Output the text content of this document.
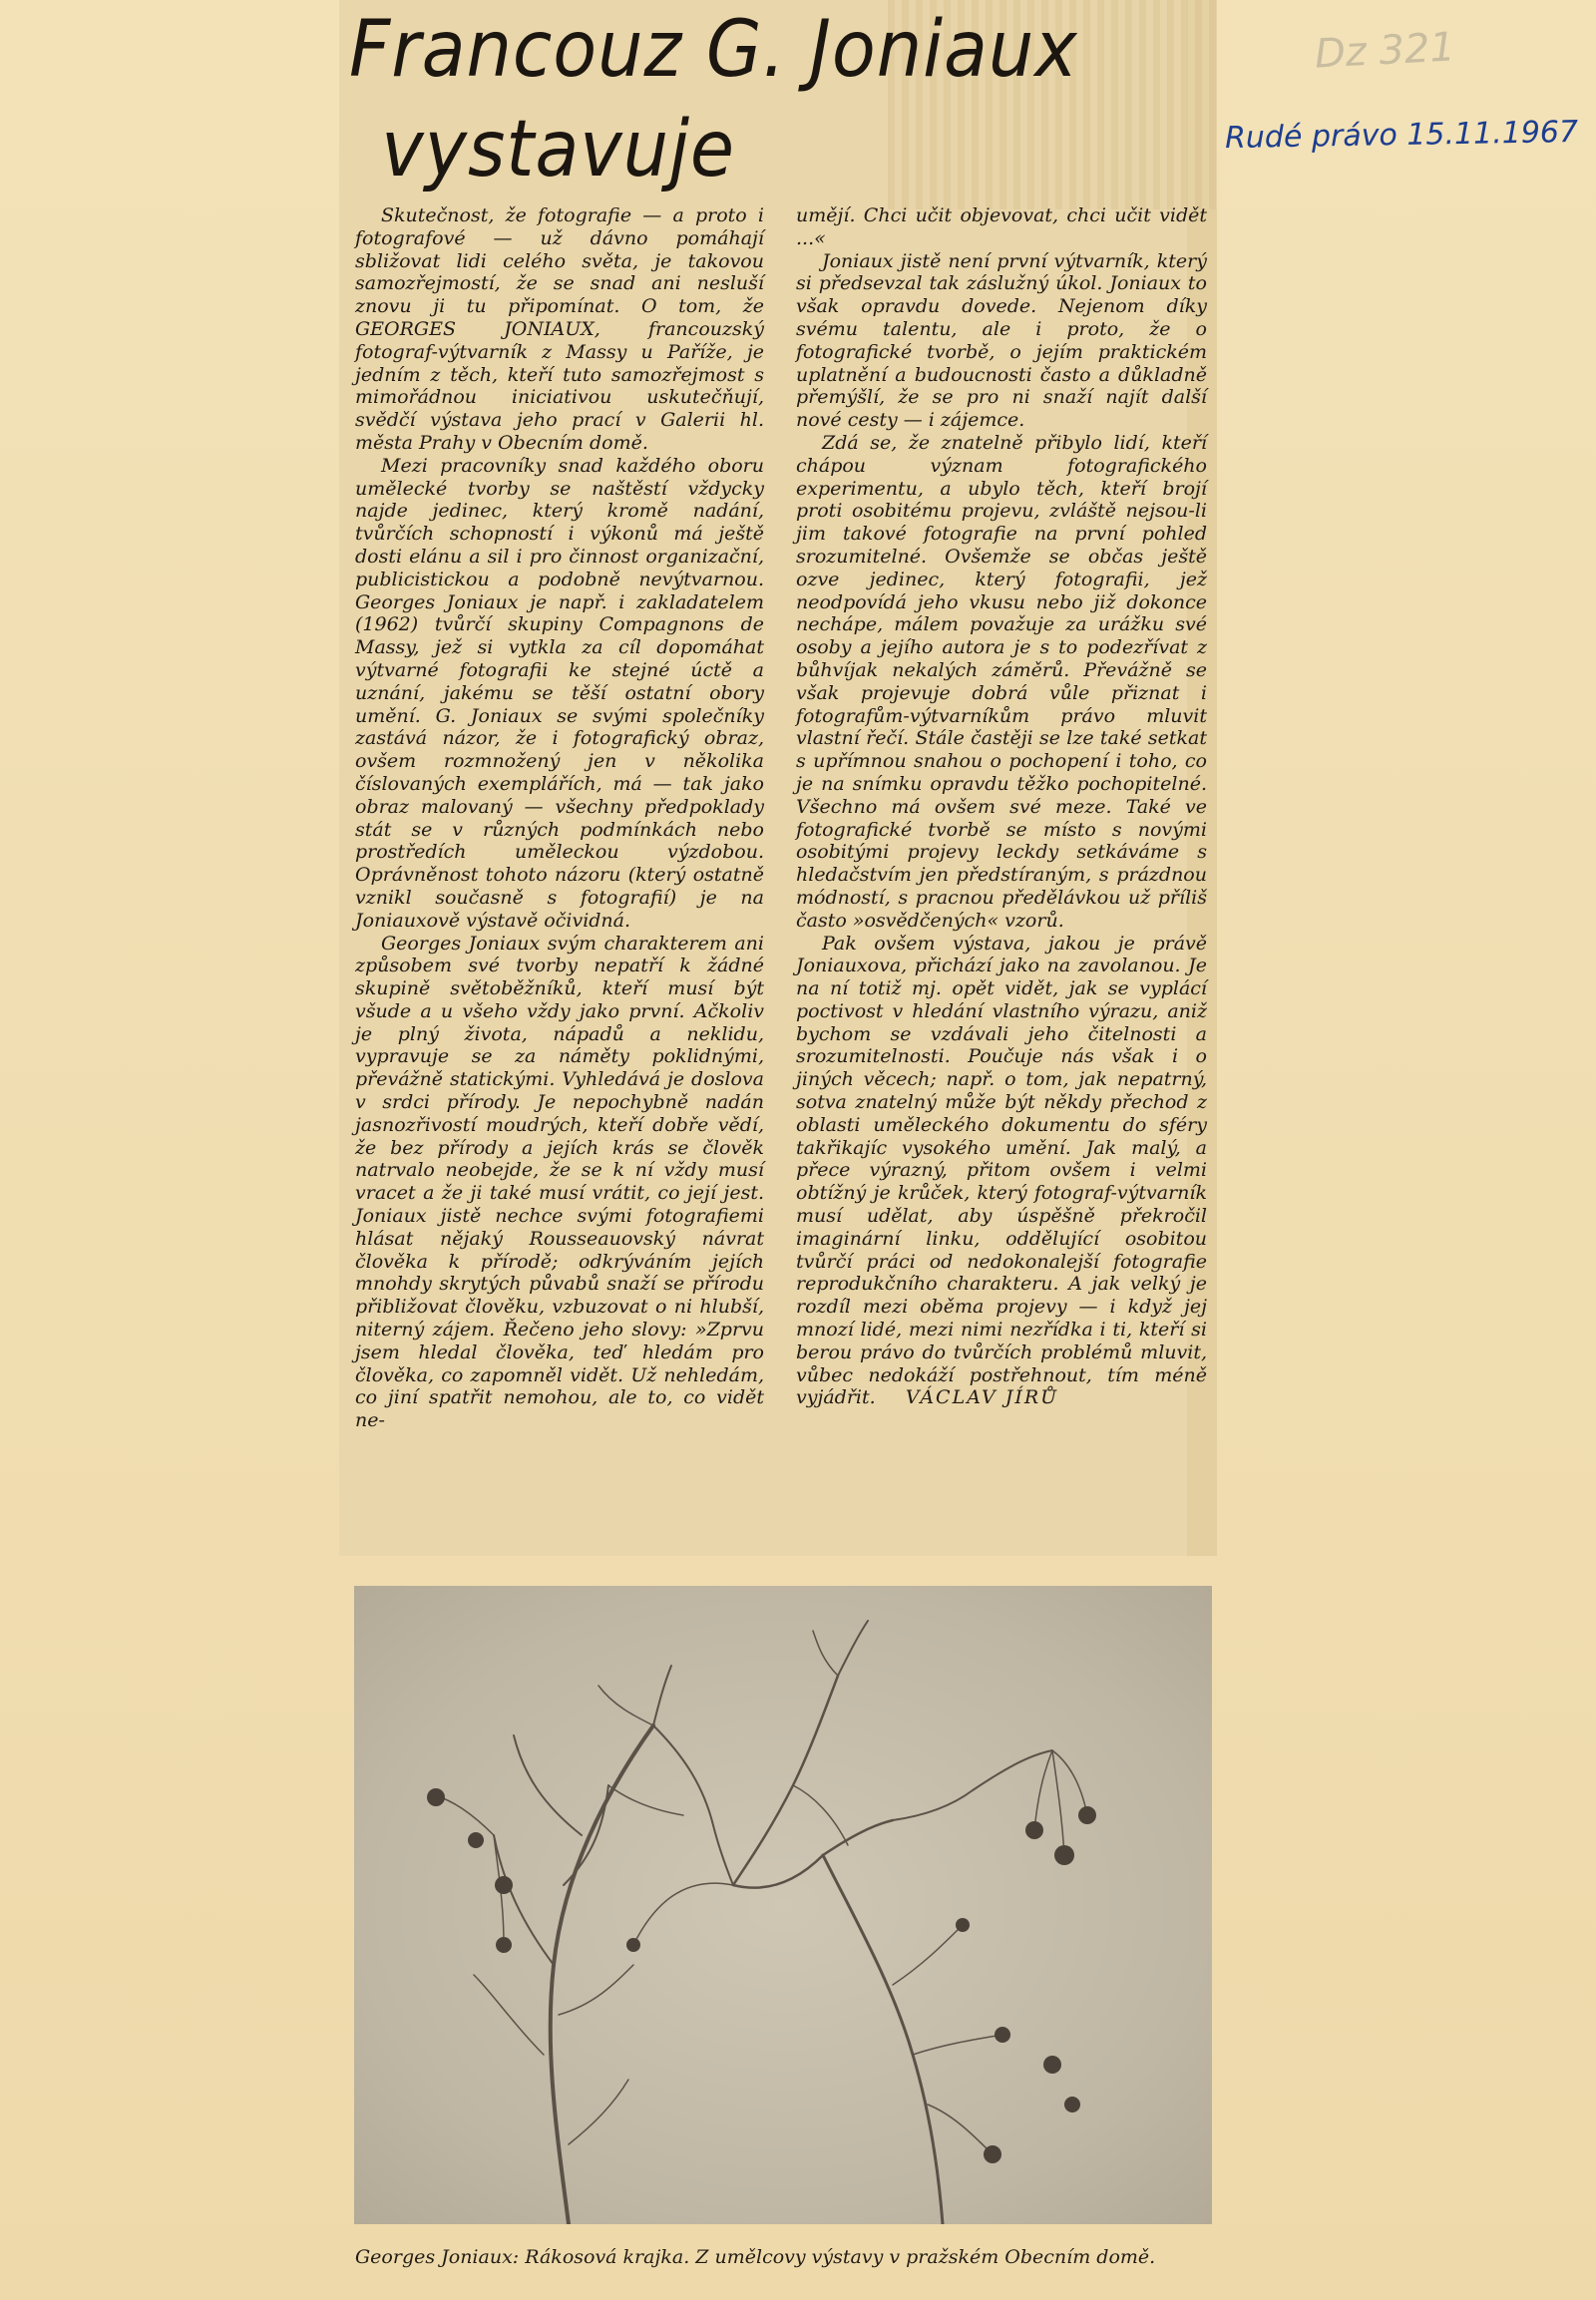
Francouz G. Joniaux
vystavuje
Dz 321
Rudé právo 15.11.1967

Skutečnost, že fotografie — a proto i fotografové — už dávno pomáhají sbližovat lidi celého světa, je takovou samozřejmostí, že se snad ani nesluší znovu ji tu připomínat. O tom, že GEORGES JONIAUX, francouzský fotograf-výtvarník z Massy u Paříže, je jedním z těch, kteří tuto samozřejmost s mimořádnou iniciativou uskutečňují, svědčí výstava jeho prací v Galerii hl. města Prahy v Obecním domě.

Mezi pracovníky snad každého oboru umělecké tvorby se naštěstí vždycky najde jedinec, který kromě nadání, tvůrčích schopností i výkonů má ještě dosti elánu a sil i pro činnost organizační, publicistickou a podobně nevýtvarnou. Georges Joniaux je např. i zakladatelem (1962) tvůrčí skupiny Compagnons de Massy, jež si vytkla za cíl dopomáhat výtvarné fotografii ke stejné úctě a uznání, jakému se těší ostatní obory umění. G. Joniaux se svými společníky zastává názor, že i fotografický obraz, ovšem rozmnožený jen v několika číslovaných exemplářích, má — tak jako obraz malovaný — všechny předpoklady stát se v různých podmínkách nebo prostředích uměleckou výzdobou. Oprávněnost tohoto názoru (který ostatně vznikl současně s fotografií) je na Joniauxově výstavě očividná.

Georges Joniaux svým charakterem ani způsobem své tvorby nepatří k žádné skupině světoběžníků, kteří musí být všude a u všeho vždy jako první. Ačkoliv je plný života, nápadů a neklidu, vypravuje se za náměty poklidnými, převážně statickými. Vyhledává je doslova v srdci přírody. Je nepochybně nadán jasnozřivostí moudrých, kteří dobře vědí, že bez přírody a jejích krás se člověk natrvalo neobejde, že se k ní vždy musí vracet a že ji také musí vrátit, co její jest. Joniaux jistě nechce svými fotografiemi hlásat nějaký Rousseauovský návrat člověka k přírodě; odkrýváním jejích mnohdy skrytých půvabů snaží se přírodu přibližovat člověku, vzbuzovat o ni hlubší, niterný zájem. Řečeno jeho slovy: »Zprvu jsem hledal člověka, teď hledám pro člověka, co zapomněl vidět. Už nehledám, co jiní spatřit nemohou, ale to, co vidět ne-

umějí. Chci učit objevovat, chci učit vidět ...«

Joniaux jistě není první výtvarník, který si předsevzal tak záslužný úkol. Joniaux to však opravdu dovede. Nejenom díky svému talentu, ale i proto, že o fotografické tvorbě, o jejím praktickém uplatnění a budoucnosti často a důkladně přemýšlí, že se pro ni snaží najít další nové cesty — i zájemce.

Zdá se, že znatelně přibylo lidí, kteří chápou význam fotografického experimentu, a ubylo těch, kteří brojí proti osobitému projevu, zvláště nejsou-li jim takové fotografie na první pohled srozumitelné. Ovšemže se občas ještě ozve jedinec, který fotografii, jež neodpovídá jeho vkusu nebo již dokonce nechápe, málem považuje za urážku své osoby a jejího autora je s to podezřívat z bůhvíjak nekalých záměrů. Převážně se však projevuje dobrá vůle přiznat i fotografům-výtvarníkům právo mluvit vlastní řečí. Stále častěji se lze také setkat s upřímnou snahou o pochopení i toho, co je na snímku opravdu těžko pochopitelné. Všechno má ovšem své meze. Také ve fotografické tvorbě se místo s novými osobitými projevy leckdy setkáváme s hledačstvím jen předstíraným, s prázdnou módností, s pracnou předělávkou už příliš často »osvědčených« vzorů.

Pak ovšem výstava, jakou je právě Joniauxova, přichází jako na zavolanou. Je na ní totiž mj. opět vidět, jak se vyplácí poctivost v hledání vlastního výrazu, aniž bychom se vzdávali jeho čitelnosti a srozumitelnosti. Poučuje nás však i o jiných věcech; např. o tom, jak nepatrný, sotva znatelný může být někdy přechod z oblasti uměleckého dokumentu do sféry takřikajíc vysokého umění. Jak malý, a přece výrazný, přitom ovšem i velmi obtížný je krůček, který fotograf-výtvarník musí udělat, aby úspěšně překročil imaginární linku, oddělující osobitou tvůrčí práci od nedokonalejší fotografie reprodukčního charakteru. A jak velký je rozdíl mezi oběma projevy — i když jej mnozí lidé, mezi nimi nezřídka i ti, kteří si berou právo do tvůrčích problémů mluvit, vůbec nedokáží postřehnout, tím méně vyjádřit. VÁCLAV JÍRŮ

Georges Joniaux: Rákosová krajka. Z umělcovy výstavy v pražském Obecním domě.
